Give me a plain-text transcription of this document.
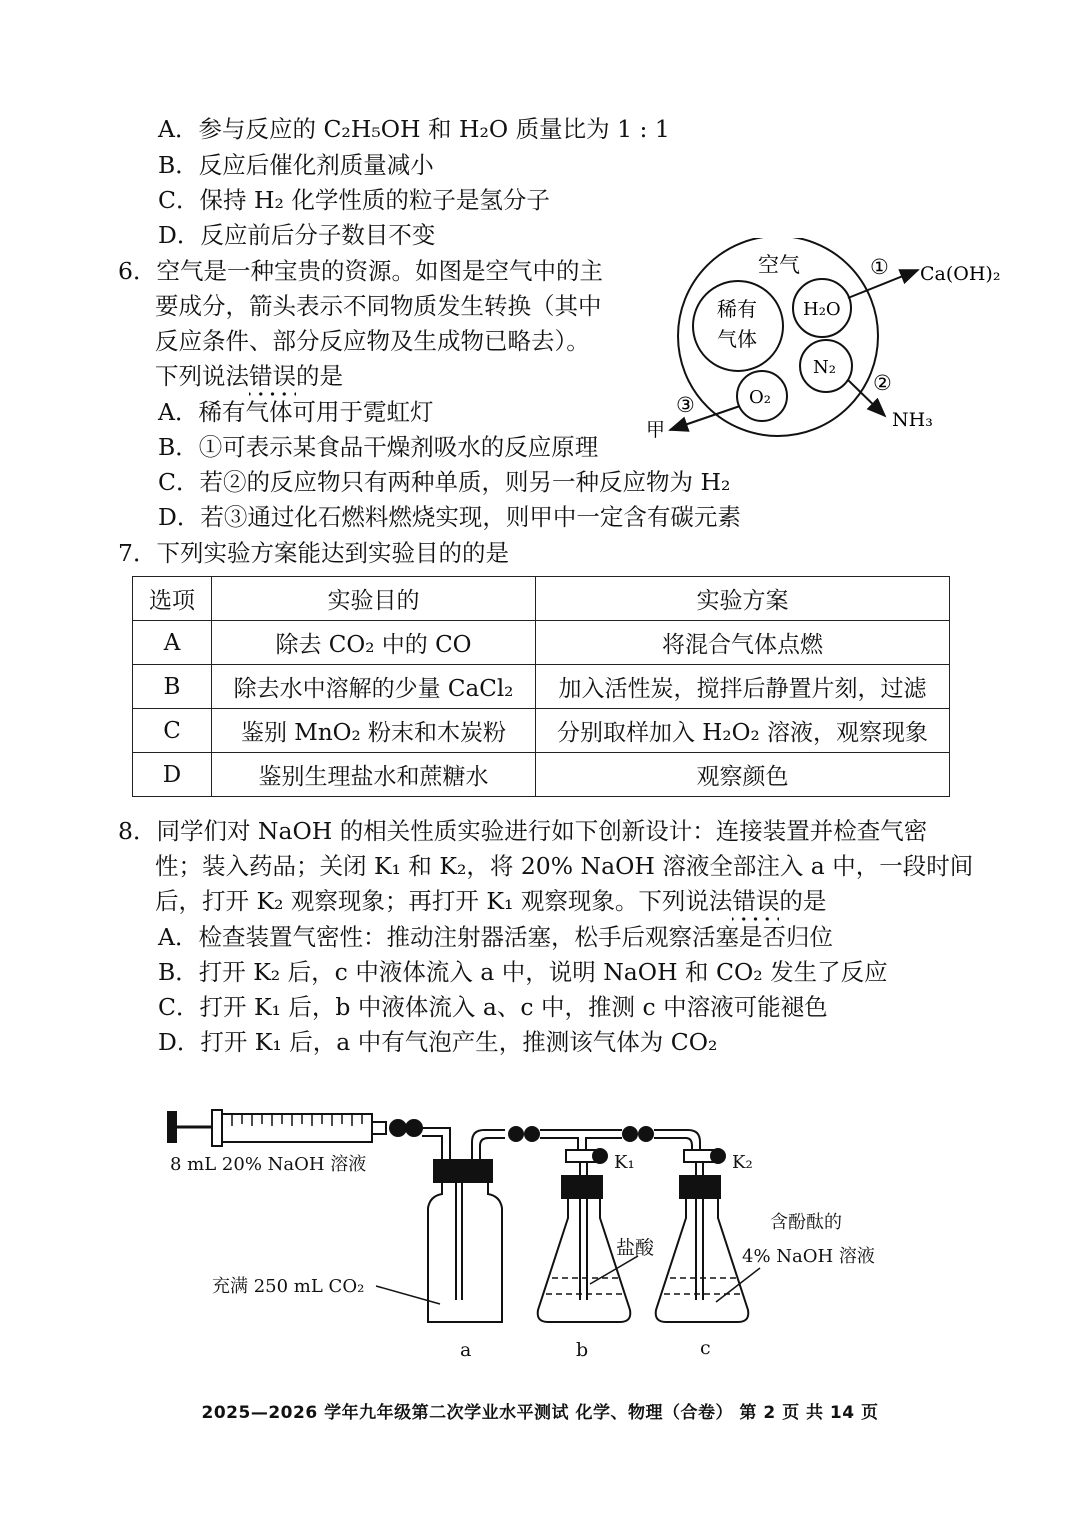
A．参与反应的 C₂H₅OH 和 H₂O 质量比为 1 : 1
B．反应后催化剂质量减小
C．保持 H₂ 化学性质的粒子是氢分子
D．反应前后分子数目不变
6．空气是一种宝贵的资源。如图是空气中的主
要成分，箭头表示不同物质发生转换（其中
反应条件、部分反应物及生成物已略去）。
下列说法错误的是
A．稀有气体可用于霓虹灯
B．①可表示某食品干燥剂吸水的反应原理
C．若②的反应物只有两种单质，则另一种反应物为 H₂
D．若③通过化石燃料燃烧实现，则甲中一定含有碳元素
空气
稀有
气体
H₂O
N₂
O₂
① Ca(OH)₂
②
NH₃
③
甲
7．下列实验方案能达到实验目的的是
选项	实验目的	实验方案
A	除去 CO₂ 中的 CO	将混合气体点燃
B	除去水中溶解的少量 CaCl₂	加入活性炭，搅拌后静置片刻，过滤
C	鉴别 MnO₂ 粉末和木炭粉	分别取样加入 H₂O₂ 溶液，观察现象
D	鉴别生理盐水和蔗糖水	观察颜色
8．同学们对 NaOH 的相关性质实验进行如下创新设计：连接装置并检查气密
性；装入药品；关闭 K₁ 和 K₂，将 20% NaOH 溶液全部注入 a 中，一段时间
后，打开 K₂ 观察现象；再打开 K₁ 观察现象。下列说法错误的是
A．检查装置气密性：推动注射器活塞，松手后观察活塞是否归位
B．打开 K₂ 后，c 中液体流入 a 中，说明 NaOH 和 CO₂ 发生了反应
C．打开 K₁ 后，b 中液体流入 a、c 中，推测 c 中溶液可能褪色
D．打开 K₁ 后，a 中有气泡产生，推测该气体为 CO₂
8 mL 20% NaOH 溶液
充满 250 mL CO₂
盐酸
含酚酞的
4% NaOH 溶液
K₁	K₂
a	b	c
2025—2026 学年九年级第二次学业水平测试 化学、物理（合卷） 第 2 页 共 14 页
